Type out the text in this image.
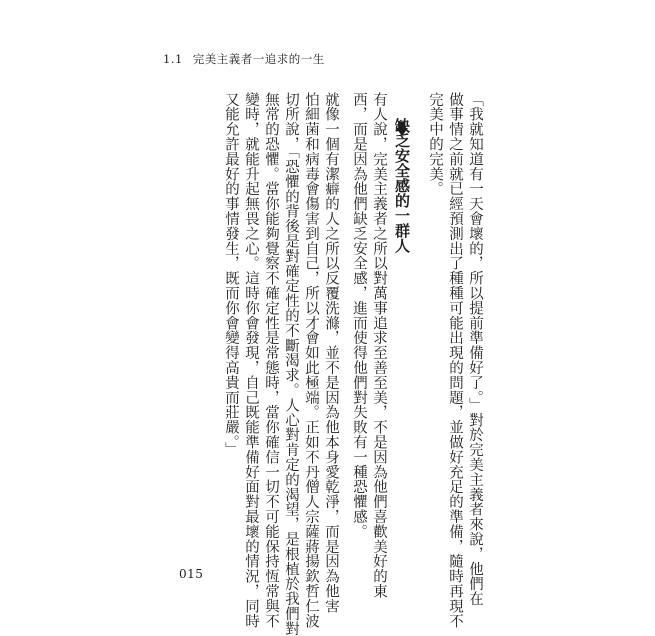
1.1 完美主義者一追求的一生
「我就知道有一天會壞的，所以提前準備好了。」對於完美主義者來說，他們在
做事情之前就已經預測出了種種可能出現的問題，並做好充足的準備，隨時再現不
完美中的完美。
缺乏安全感的一群人
有人說，完美主義者之所以對萬事追求至善至美，不是因為他們喜歡美好的東
西，而是因為他們缺乏安全感，進而使得他們對失敗有一種恐懼感。
就像一個有潔癖的人之所以反覆洗滌，並不是因為他本身愛乾淨，而是因為他害
怕細菌和病毒會傷害到自己，所以才會如此極端。正如不丹僧人宗薩蔣揚欽哲仁波
切所說，「恐懼的背後是對確定性的不斷渴求。人心對肯定的渴望，是根植於我們對
無常的恐懼。當你能夠覺察不確定性是常態時，當你確信一切不可能保持恆常與不
變時，就能升起無畏之心。這時你會發現，自己既能準備好面對最壞的情況，同時
又能允許最好的事情發生，既而你會變得高貴而莊嚴。」
015
